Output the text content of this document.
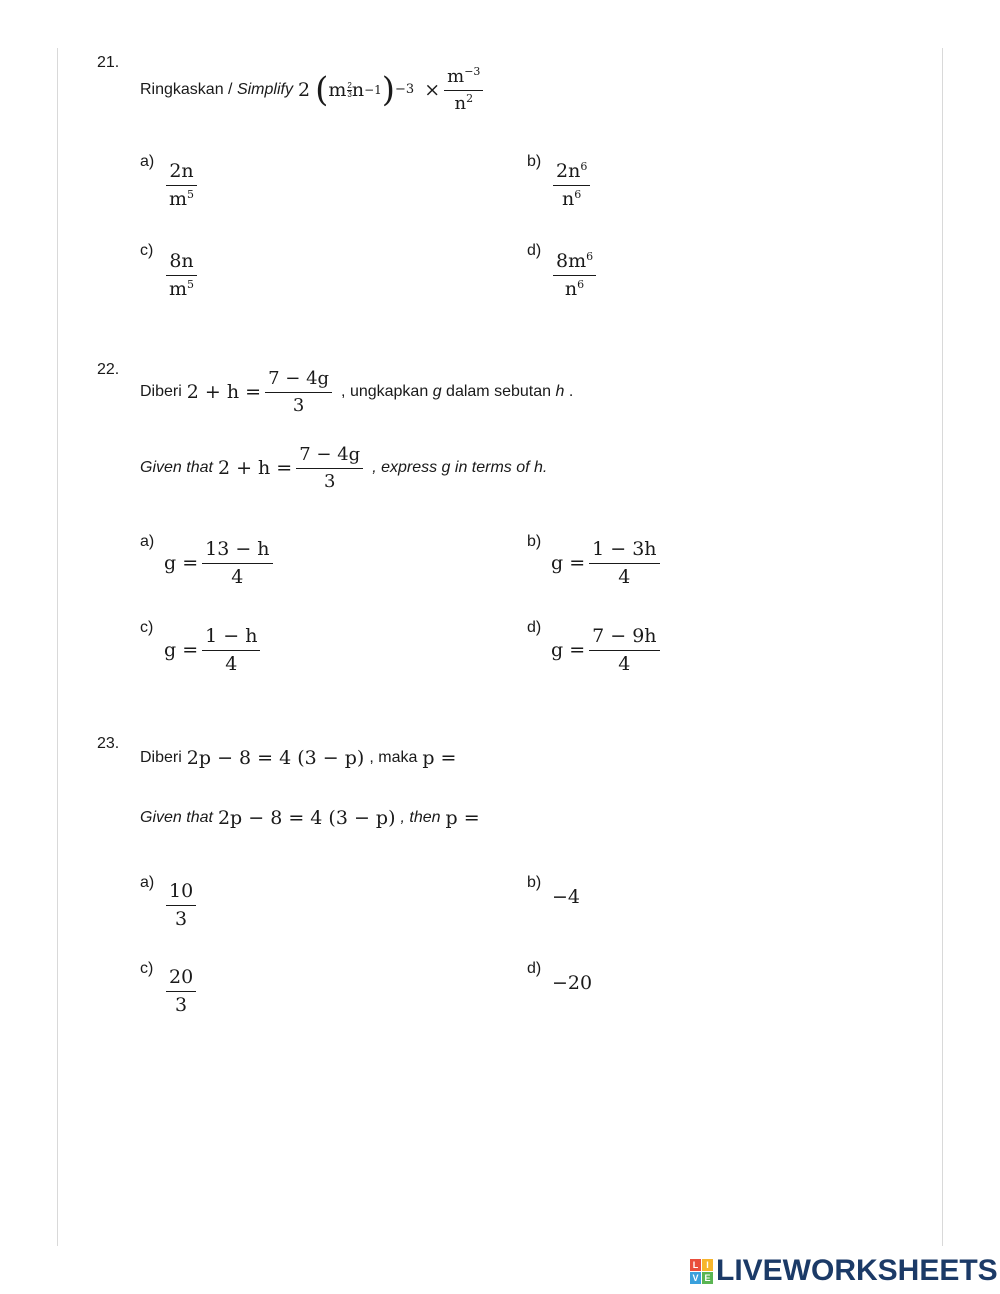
21.
Ringkaskan /
Simplify 2 ( m $\frac{2}{3}$ n −1 ) $-3 \times \frac{m^{-3}}{n^2}$
$a) \frac{2n}{m^5}$	$b) \frac{2n^6}{n^6}$
$c) \frac{8n}{m^5}$	$d) \frac{8m^6}{n^6}$
22.
Diberi $2 + h = \frac{7 - 4g}{3}$ , ungkapkan
g
dalam sebutan
h
.
Given that $2 + h = \frac{7 - 4g}{3}$ , express g in terms of h.
a)
$g = \frac{13 - h}{4}$	b)
$g = \frac{1 - 3h}{4}$
c)
$g = \frac{1 - h}{4}$	d)
$g = \frac{7 - 9h}{4}$
23.
Diberi 2p − 8 = 4 (3 − p) , maka p =
Given that 2p − 8 = 4 (3 − p) , then p =
$a) \frac{10}{3}$	b)
−4
$c) \frac{20}{3}$	d)
−20
L I
V E LIVEWORKSHEETS
